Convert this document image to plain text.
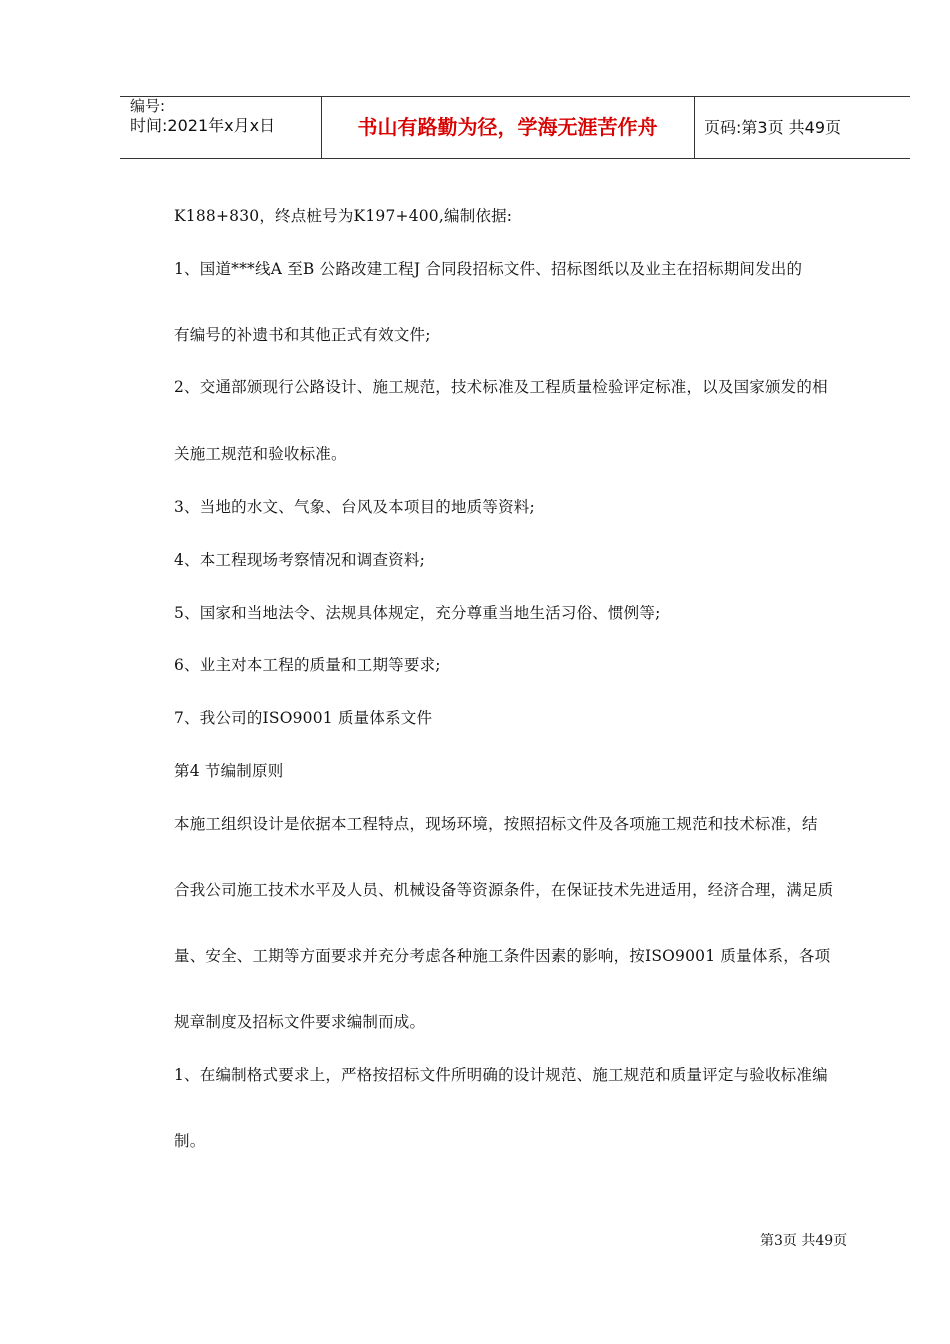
编号:
时间:2021年x月x日	书山有路勤为径，学海无涯苦作舟	页码:第3页 共49页
K188+830，终点桩号为K197+400,编制依据:
1、国道***线A 至B 公路改建工程J 合同段招标文件、招标图纸以及业主在招标期间发出的
有编号的补遗书和其他正式有效文件;
2、交通部颁现行公路设计、施工规范，技术标准及工程质量检验评定标准，以及国家颁发的相
关施工规范和验收标准。
3、当地的水文、气象、台风及本项目的地质等资料;
4、本工程现场考察情况和调查资料;
5、国家和当地法令、法规具体规定，充分尊重当地生活习俗、惯例等;
6、业主对本工程的质量和工期等要求;
7、我公司的ISO9001 质量体系文件
第4 节编制原则
本施工组织设计是依据本工程特点，现场环境，按照招标文件及各项施工规范和技术标准，结
合我公司施工技术水平及人员、机械设备等资源条件，在保证技术先进适用，经济合理，满足质
量、安全、工期等方面要求并充分考虑各种施工条件因素的影响，按ISO9001 质量体系，各项
规章制度及招标文件要求编制而成。
1、在编制格式要求上，严格按招标文件所明确的设计规范、施工规范和质量评定与验收标准编
制。
第3页 共49页
